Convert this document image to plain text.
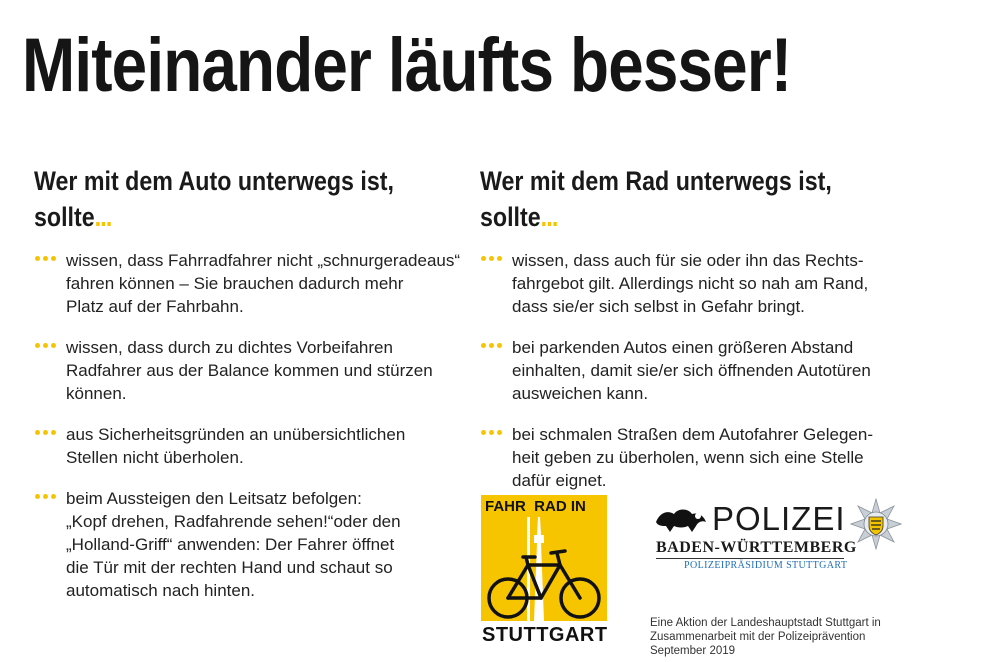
Miteinander läufts besser!
Wer mit dem Auto unterwegs ist,
sollte...
wissen, dass Fahrradfahrer nicht „schnurgeradeaus“
fahren können – Sie brauchen dadurch mehr
Platz auf der Fahrbahn.
wissen, dass durch zu dichtes Vorbeifahren
Radfahrer aus der Balance kommen und stürzen
können.
aus Sicherheitsgründen an unübersichtlichen
Stellen nicht überholen.
beim Aussteigen den Leitsatz befolgen:
„Kopf drehen, Radfahrende sehen!“oder den
„Holland-Griff“ anwenden: Der Fahrer öffnet
die Tür mit der rechten Hand und schaut so
automatisch nach hinten.
Wer mit dem Rad unterwegs ist,
sollte...
wissen, dass auch für sie oder ihn das Rechts-
fahrgebot gilt. Allerdings nicht so nah am Rand,
dass sie/er sich selbst in Gefahr bringt.
bei parkenden Autos einen größeren Abstand
einhalten, damit sie/er sich öffnenden Autotüren
ausweichen kann.
bei schmalen Straßen dem Autofahrer Gelegen-
heit geben zu überholen, wenn sich eine Stelle
dafür eignet.
FAHR  RAD IN
STUTTGART
POLIZEI
BADEN-WÜRTTEMBERG
POLIZEIPRÄSIDIUM STUTTGART
Eine Aktion der Landeshauptstadt Stuttgart in
Zusammenarbeit mit der Polizeiprävention
September 2019
